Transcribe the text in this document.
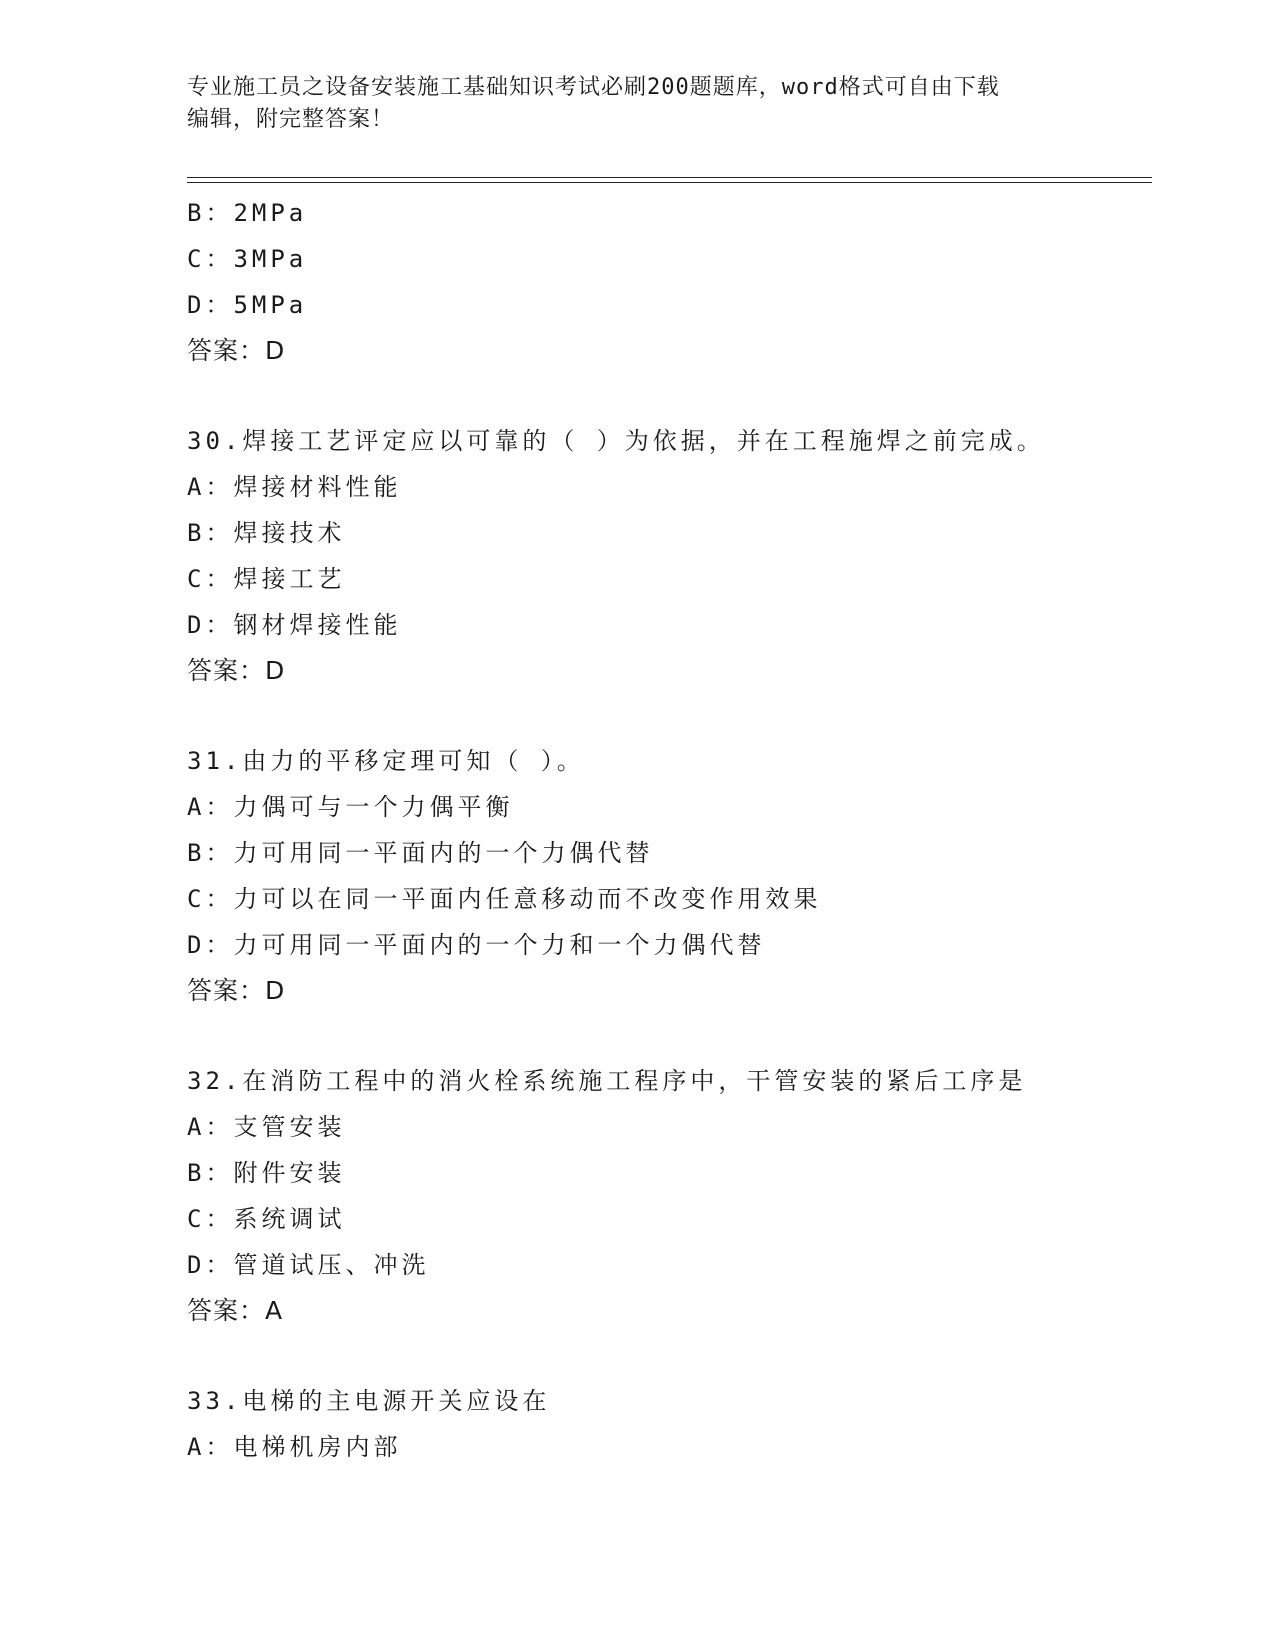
专业施工员之设备安装施工基础知识考试必刷200题题库，word格式可自由下载
编辑，附完整答案！
B：2MPa
C：3MPa
D：5MPa
答案：D
30.焊接工艺评定应以可靠的（ ）为依据，并在工程施焊之前完成。
A：焊接材料性能
B：焊接技术
C：焊接工艺
D：钢材焊接性能
答案：D
31.由力的平移定理可知（ ）。
A：力偶可与一个力偶平衡
B：力可用同一平面内的一个力偶代替
C：力可以在同一平面内任意移动而不改变作用效果
D：力可用同一平面内的一个力和一个力偶代替
答案：D
32.在消防工程中的消火栓系统施工程序中，干管安装的紧后工序是
A：支管安装
B：附件安装
C：系统调试
D：管道试压、冲洗
答案：A
33.电梯的主电源开关应设在
A：电梯机房内部
